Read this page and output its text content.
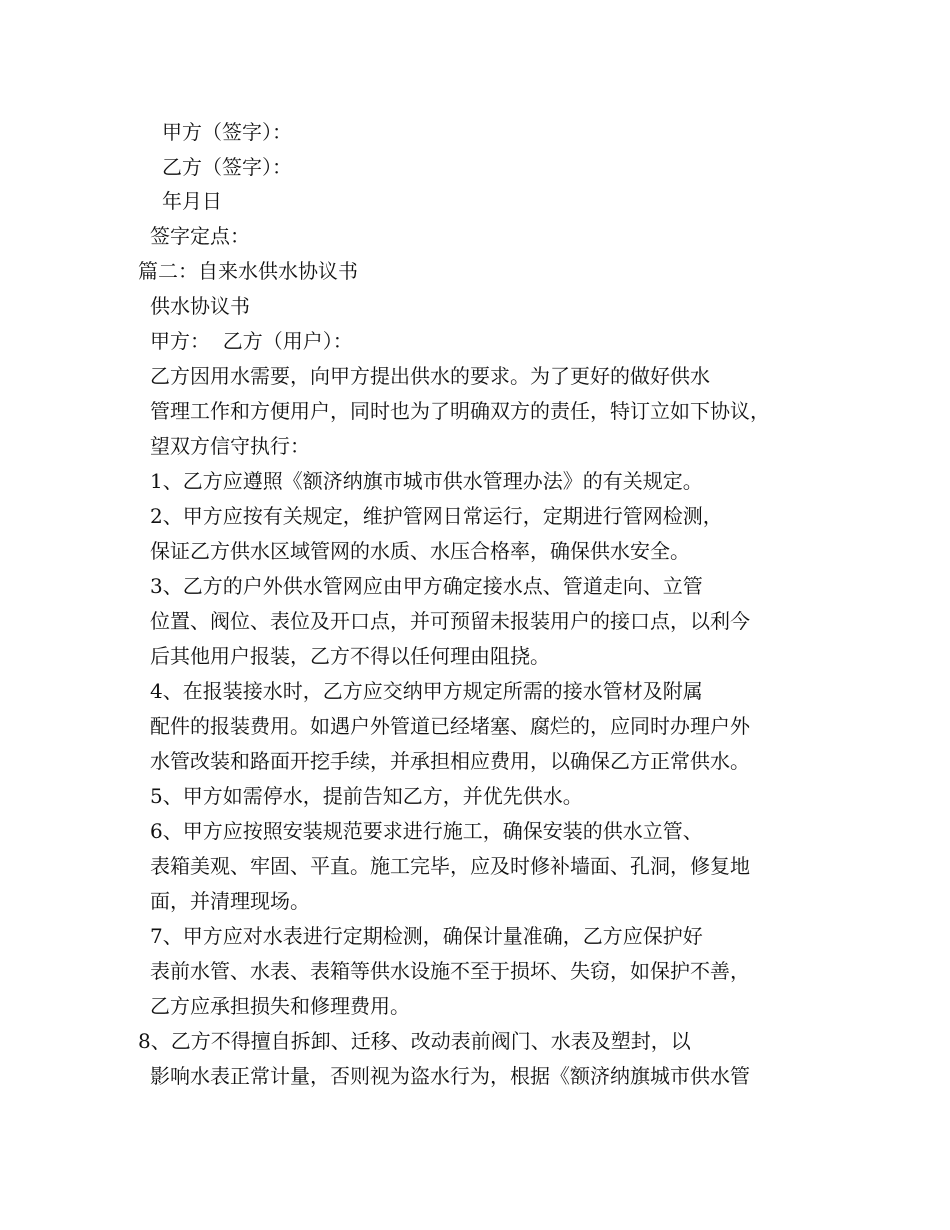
甲方（签字）：
乙方（签字）：
年月日
签字定点：
篇二：自来水供水协议书
供水协议书
甲方：  乙方（用户）：
乙方因用水需要，向甲方提出供水的要求。为了更好的做好供水
管理工作和方便用户，同时也为了明确双方的责任，特订立如下协议，
望双方信守执行：
1、乙方应遵照《额济纳旗市城市供水管理办法》的有关规定。
2、甲方应按有关规定，维护管网日常运行，定期进行管网检测，
保证乙方供水区域管网的水质、水压合格率，确保供水安全。
3、乙方的户外供水管网应由甲方确定接水点、管道走向、立管
位置、阀位、表位及开口点，并可预留未报装用户的接口点，以利今
后其他用户报装，乙方不得以任何理由阻挠。
4、在报装接水时，乙方应交纳甲方规定所需的接水管材及附属
配件的报装费用。如遇户外管道已经堵塞、腐烂的，应同时办理户外
水管改装和路面开挖手续，并承担相应费用，以确保乙方正常供水。
5、甲方如需停水，提前告知乙方，并优先供水。
6、甲方应按照安装规范要求进行施工，确保安装的供水立管、
表箱美观、牢固、平直。施工完毕，应及时修补墙面、孔洞，修复地
面，并清理现场。
7、甲方应对水表进行定期检测，确保计量准确，乙方应保护好
表前水管、水表、表箱等供水设施不至于损坏、失窃，如保护不善，
乙方应承担损失和修理费用。
8、乙方不得擅自拆卸、迁移、改动表前阀门、水表及塑封，以
影响水表正常计量，否则视为盗水行为，根据《额济纳旗城市供水管
